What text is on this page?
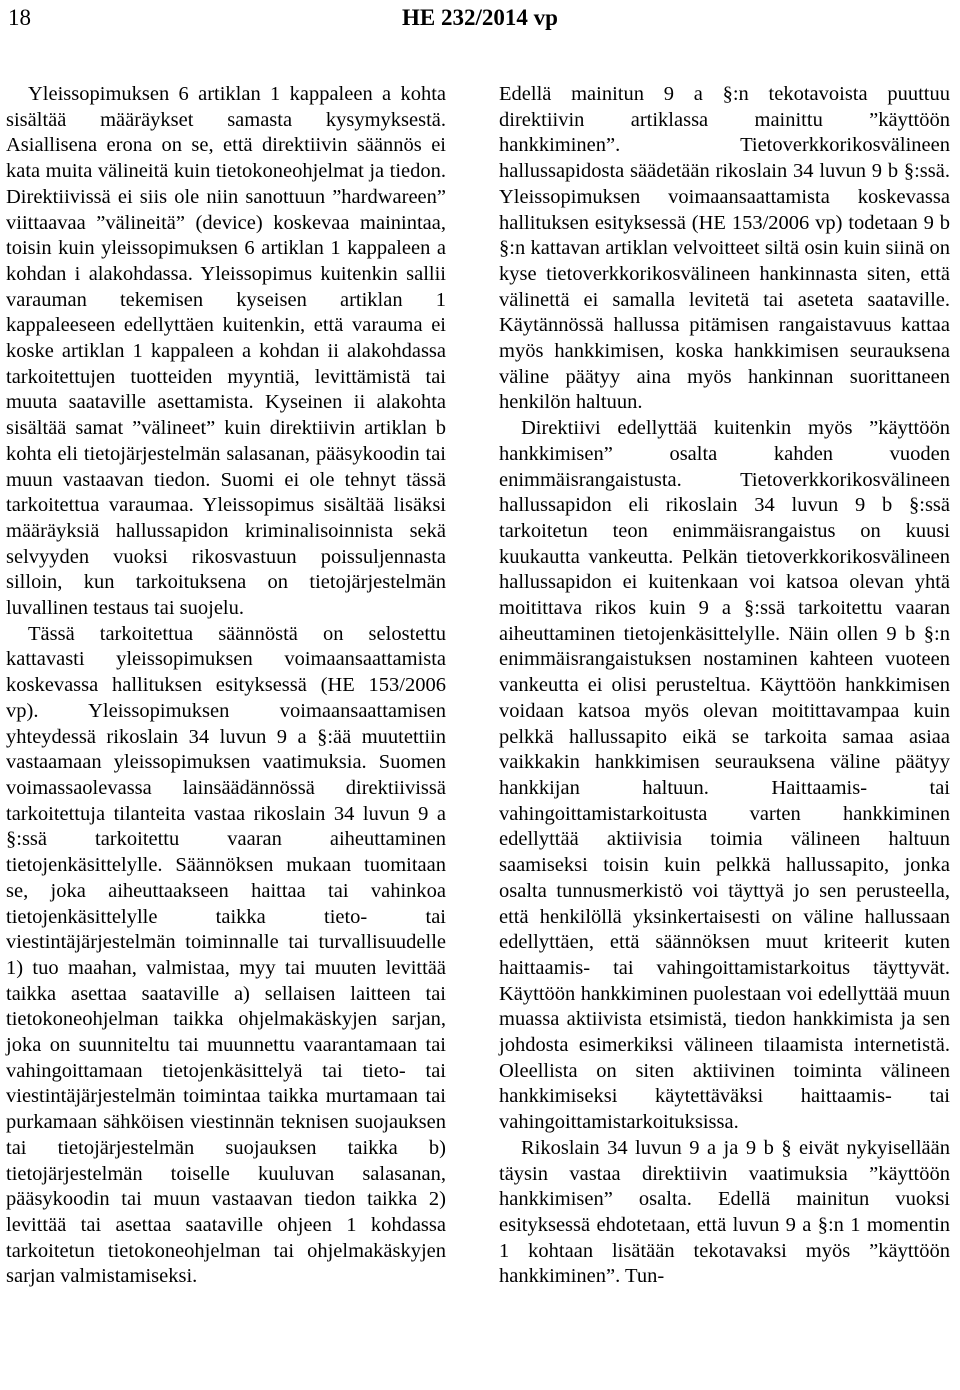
18	HE 232/2014 vp

Yleissopimuksen 6 artiklan 1 kappaleen a kohta sisältää määräykset samasta kysymyksestä. Asiallisena erona on se, että direktiivin säännös ei kata muita välineitä kuin tietokoneohjelmat ja tiedon. Direktiivissä ei siis ole niin sanottuun ”hardwareen” viittaavaa ”välineitä” (device) koskevaa mainintaa, toisin kuin yleissopimuksen 6 artiklan 1 kappaleen a kohdan i alakohdassa. Yleissopimus kuitenkin sallii varauman tekemisen kyseisen artiklan 1 kappaleeseen edellyttäen kuitenkin, että varauma ei koske artiklan 1 kappaleen a kohdan ii alakohdassa tarkoitettujen tuotteiden myyntiä, levittämistä tai muuta saataville asettamista. Kyseinen ii alakohta sisältää samat ”välineet” kuin direktiivin artiklan b kohta eli tietojärjestelmän salasanan, pääsykoodin tai muun vastaavan tiedon. Suomi ei ole tehnyt tässä tarkoitettua varaumaa. Yleissopimus sisältää lisäksi määräyksiä hallussapidon kriminalisoinnista sekä selvyyden vuoksi rikosvastuun poissuljennasta silloin, kun tarkoituksena on tietojärjestelmän luvallinen testaus tai suojelu.

Tässä tarkoitettua säännöstä on selostettu kattavasti yleissopimuksen voimaansaattamista koskevassa hallituksen esityksessä (HE 153/2006 vp). Yleissopimuksen voimaansaattamisen yhteydessä rikoslain 34 luvun 9 a §:ää muutettiin vastaamaan yleissopimuksen vaatimuksia. Suomen voimassaolevassa lainsäädännössä direktiivissä tarkoitettuja tilanteita vastaa rikoslain 34 luvun 9 a §:ssä tarkoitettu vaaran aiheuttaminen tietojenkäsittelylle. Säännöksen mukaan tuomitaan se, joka aiheuttaakseen haittaa tai vahinkoa tietojenkäsittelylle taikka tieto- tai viestintäjärjestelmän toiminnalle tai turvallisuudelle 1) tuo maahan, valmistaa, myy tai muuten levittää taikka asettaa saataville a) sellaisen laitteen tai tietokoneohjelman taikka ohjelmakäskyjen sarjan, joka on suunniteltu tai muunnettu vaarantamaan tai vahingoittamaan tietojenkäsittelyä tai tieto- tai viestintäjärjestelmän toimintaa taikka murtamaan tai purkamaan sähköisen viestinnän teknisen suojauksen tai tietojärjestelmän suojauksen taikka b) tietojärjestelmän toiselle kuuluvan salasanan, pääsykoodin tai muun vastaavan tiedon taikka 2) levittää tai asettaa saataville ohjeen 1 kohdassa tarkoitetun tietokoneohjelman tai ohjelmakäskyjen sarjan valmistamiseksi.

Edellä mainitun 9 a §:n tekotavoista puuttuu direktiivin artiklassa mainittu ”käyttöön hankkiminen”. Tietoverkkorikosvälineen hallussapidosta säädetään rikoslain 34 luvun 9 b §:ssä. Yleissopimuksen voimaansaattamista koskevassa hallituksen esityksessä (HE 153/2006 vp) todetaan 9 b §:n kattavan artiklan velvoitteet siltä osin kuin siinä on kyse tietoverkkorikosvälineen hankinnasta siten, että välinettä ei samalla levitetä tai aseteta saataville. Käytännössä hallussa pitämisen rangaistavuus kattaa myös hankkimisen, koska hankkimisen seurauksena väline päätyy aina myös hankinnan suorittaneen henkilön haltuun.

Direktiivi edellyttää kuitenkin myös ”käyttöön hankkimisen” osalta kahden vuoden enimmäisrangaistusta. Tietoverkkorikosvälineen hallussapidon eli rikoslain 34 luvun 9 b §:ssä tarkoitetun teon enimmäisrangaistus on kuusi kuukautta vankeutta. Pelkän tietoverkkorikosvälineen hallussapidon ei kuitenkaan voi katsoa olevan yhtä moitittava rikos kuin 9 a §:ssä tarkoitettu vaaran aiheuttaminen tietojenkäsittelylle. Näin ollen 9 b §:n enimmäisrangaistuksen nostaminen kahteen vuoteen vankeutta ei olisi perusteltua. Käyttöön hankkimisen voidaan katsoa myös olevan moitittavampaa kuin pelkkä hallussapito eikä se tarkoita samaa asiaa vaikkakin hankkimisen seurauksena väline päätyy hankkijan haltuun. Haittaamis- tai vahingoittamistarkoitusta varten hankkiminen edellyttää aktiivisia toimia välineen haltuun saamiseksi toisin kuin pelkkä hallussapito, jonka osalta tunnusmerkistö voi täyttyä jo sen perusteella, että henkilöllä yksinkertaisesti on väline hallussaan edellyttäen, että säännöksen muut kriteerit kuten haittaamis- tai vahingoittamistarkoitus täyttyvät. Käyttöön hankkiminen puolestaan voi edellyttää muun muassa aktiivista etsimistä, tiedon hankkimista ja sen johdosta esimerkiksi välineen tilaamista internetistä. Oleellista on siten aktiivinen toiminta välineen hankkimiseksi käytettäväksi haittaamis- tai vahingoittamistarkoituksissa.

Rikoslain 34 luvun 9 a ja 9 b § eivät nykyisellään täysin vastaa direktiivin vaatimuksia ”käyttöön hankkimisen” osalta. Edellä mainitun vuoksi esityksessä ehdotetaan, että luvun 9 a §:n 1 momentin 1 kohtaan lisätään tekotavaksi myös ”käyttöön hankkiminen”. Tun-
